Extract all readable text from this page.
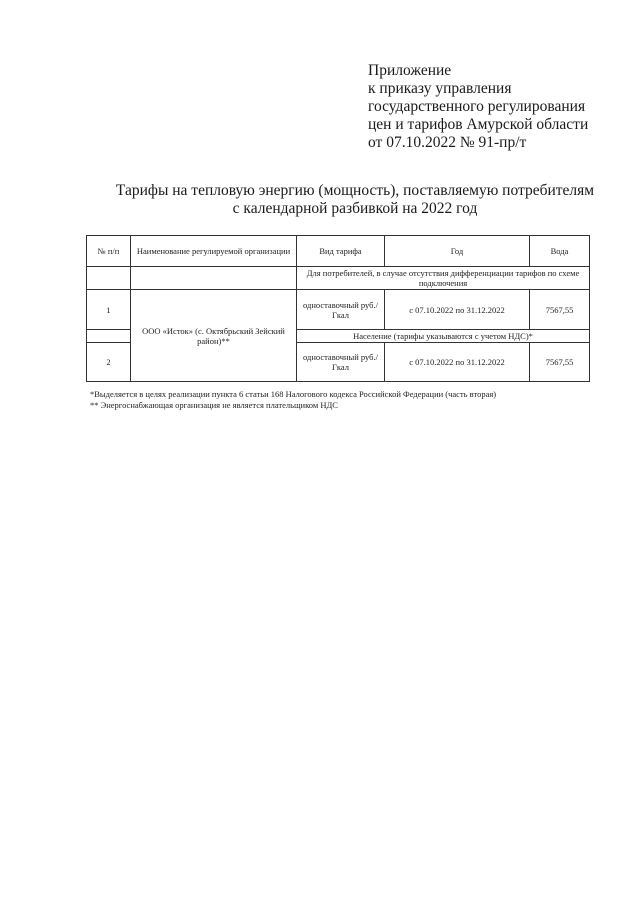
Приложение
к приказу управления
государственного регулирования
цен и тарифов Амурской области
от 07.10.2022 № 91-пр/т
Тарифы на тепловую энергию (мощность), поставляемую потребителям
с календарной разбивкой на 2022 год
№ п/п	Наименование регулируемой организации	Вид тарифа	Год	Вода
		Для потребителей, в случае отсутствия дифференциации тарифов по схеме подключения		
1	ООО «Исток» (с. Октябрьский Зейский район)**	одноставочный руб./Гкал	с 07.10.2022 по 31.12.2022	7567,55
		Население (тарифы указываются с учетом НДС)*		
2		одноставочный руб./Гкал	с 07.10.2022 по 31.12.2022	7567,55
*Выделяется в целях реализации пункта 6 статьи 168 Налогового кодекса Российской Федерации (часть вторая)
** Энергоснабжающая организация не является плательщиком НДС
